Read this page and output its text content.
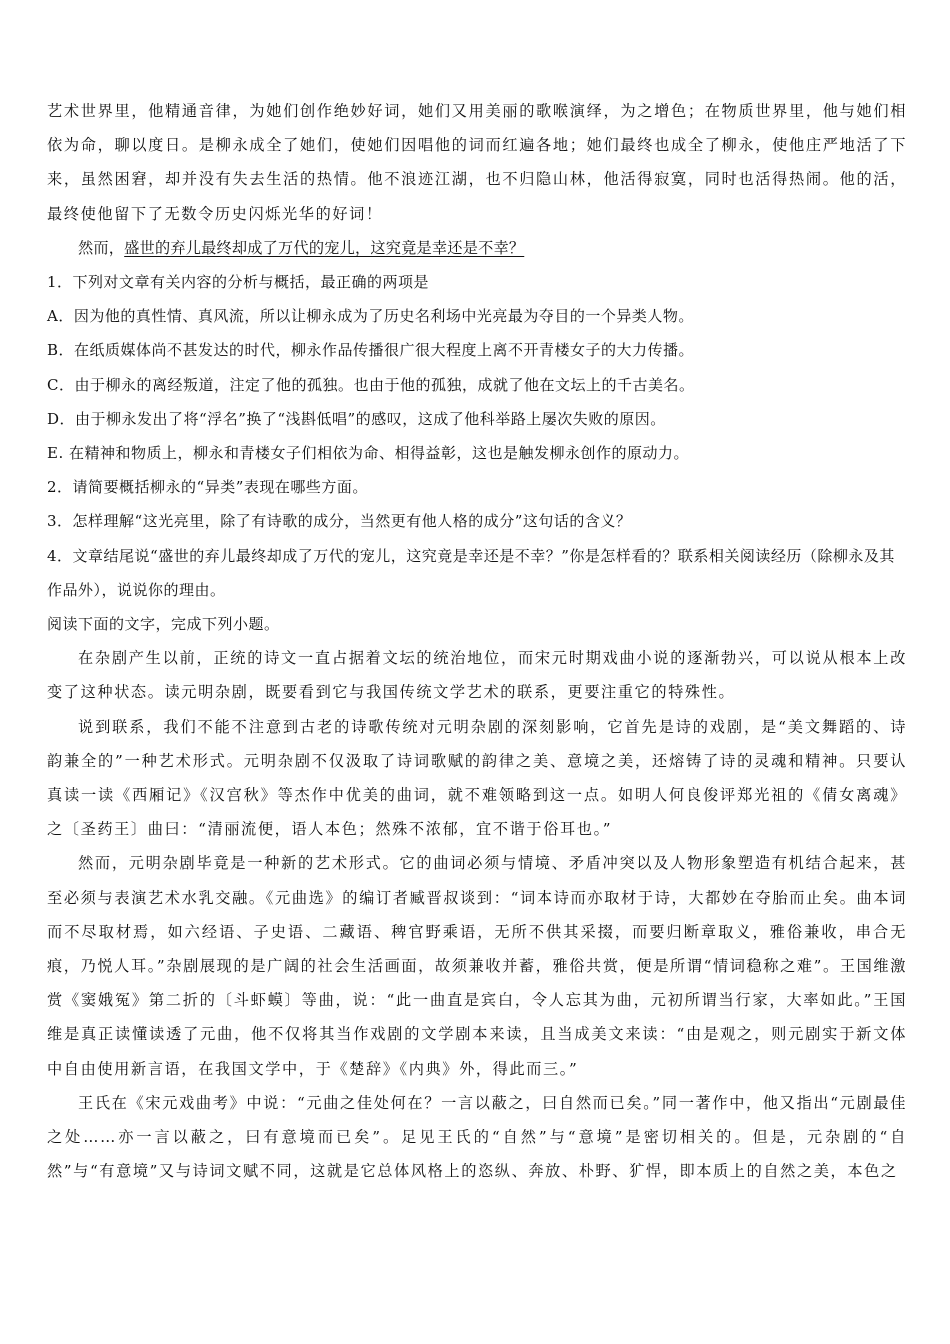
艺术世界里，他精通音律，为她们创作绝妙好词，她们又用美丽的歌喉演绎，为之增色；在物质世界里，他与她们相依为命，聊以度日。是柳永成全了她们，使她们因唱他的词而红遍各地；她们最终也成全了柳永，使他庄严地活了下来，虽然困窘，却并没有失去生活的热情。他不浪迹江湖，也不归隐山林，他活得寂寞，同时也活得热闹。他的活，最终使他留下了无数令历史闪烁光华的好词！

然而，盛世的弃儿最终却成了万代的宠儿，这究竟是幸还是不幸？

1．下列对文章有关内容的分析与概括，最正确的两项是

A．因为他的真性情、真风流，所以让柳永成为了历史名利场中光亮最为夺目的一个异类人物。

B．在纸质媒体尚不甚发达的时代，柳永作品传播很广很大程度上离不开青楼女子的大力传播。

C．由于柳永的离经叛道，注定了他的孤独。也由于他的孤独，成就了他在文坛上的千古美名。

D．由于柳永发出了将“浮名”换了“浅斟低唱”的感叹，这成了他科举路上屡次失败的原因。

E. 在精神和物质上，柳永和青楼女子们相依为命、相得益彰，这也是触发柳永创作的原动力。

2．请简要概括柳永的“异类”表现在哪些方面。

3．怎样理解“这光亮里，除了有诗歌的成分，当然更有他人格的成分”这句话的含义？

4．文章结尾说“盛世的弃儿最终却成了万代的宠儿，这究竟是幸还是不幸？”你是怎样看的？联系相关阅读经历（除柳永及其作品外），说说你的理由。

阅读下面的文字，完成下列小题。

在杂剧产生以前，正统的诗文一直占据着文坛的统治地位，而宋元时期戏曲小说的逐渐勃兴，可以说从根本上改变了这种状态。读元明杂剧，既要看到它与我国传统文学艺术的联系，更要注重它的特殊性。

说到联系，我们不能不注意到古老的诗歌传统对元明杂剧的深刻影响，它首先是诗的戏剧，是“美文舞蹈的、诗韵兼全的”一种艺术形式。元明杂剧不仅汲取了诗词歌赋的韵律之美、意境之美，还熔铸了诗的灵魂和精神。只要认真读一读《西厢记》《汉宫秋》等杰作中优美的曲词，就不难领略到这一点。如明人何良俊评郑光祖的《倩女离魂》之〔圣药王〕曲曰：“清丽流便，语人本色；然殊不浓郁，宜不谐于俗耳也。”

然而，元明杂剧毕竟是一种新的艺术形式。它的曲词必须与情境、矛盾冲突以及人物形象塑造有机结合起来，甚至必须与表演艺术水乳交融。《元曲选》的编订者臧晋叔谈到：“词本诗而亦取材于诗，大都妙在夺胎而止矣。曲本词而不尽取材焉，如六经语、子史语、二藏语、稗官野乘语，无所不供其采掇，而要归断章取义，雅俗兼收，串合无痕，乃悦人耳。”杂剧展现的是广阔的社会生活画面，故须兼收并蓄，雅俗共赏，便是所谓“情词稳称之难”。王国维激赏《窦娥冤》第二折的〔斗虾蟆〕等曲，说：“此一曲直是宾白，令人忘其为曲，元初所谓当行家，大率如此。”王国维是真正读懂读透了元曲，他不仅将其当作戏剧的文学剧本来读，且当成美文来读：“由是观之，则元剧实于新文体中自由使用新言语，在我国文学中，于《楚辞》《内典》外，得此而三。”

王氏在《宋元戏曲考》中说：“元曲之佳处何在？一言以蔽之，曰自然而已矣。”同一著作中，他又指出“元剧最佳之处……亦一言以蔽之，曰有意境而已矣”。足见王氏的“自然”与“意境”是密切相关的。但是，元杂剧的“自然”与“有意境”又与诗词文赋不同，这就是它总体风格上的恣纵、奔放、朴野、犷悍，即本质上的自然之美，本色之
